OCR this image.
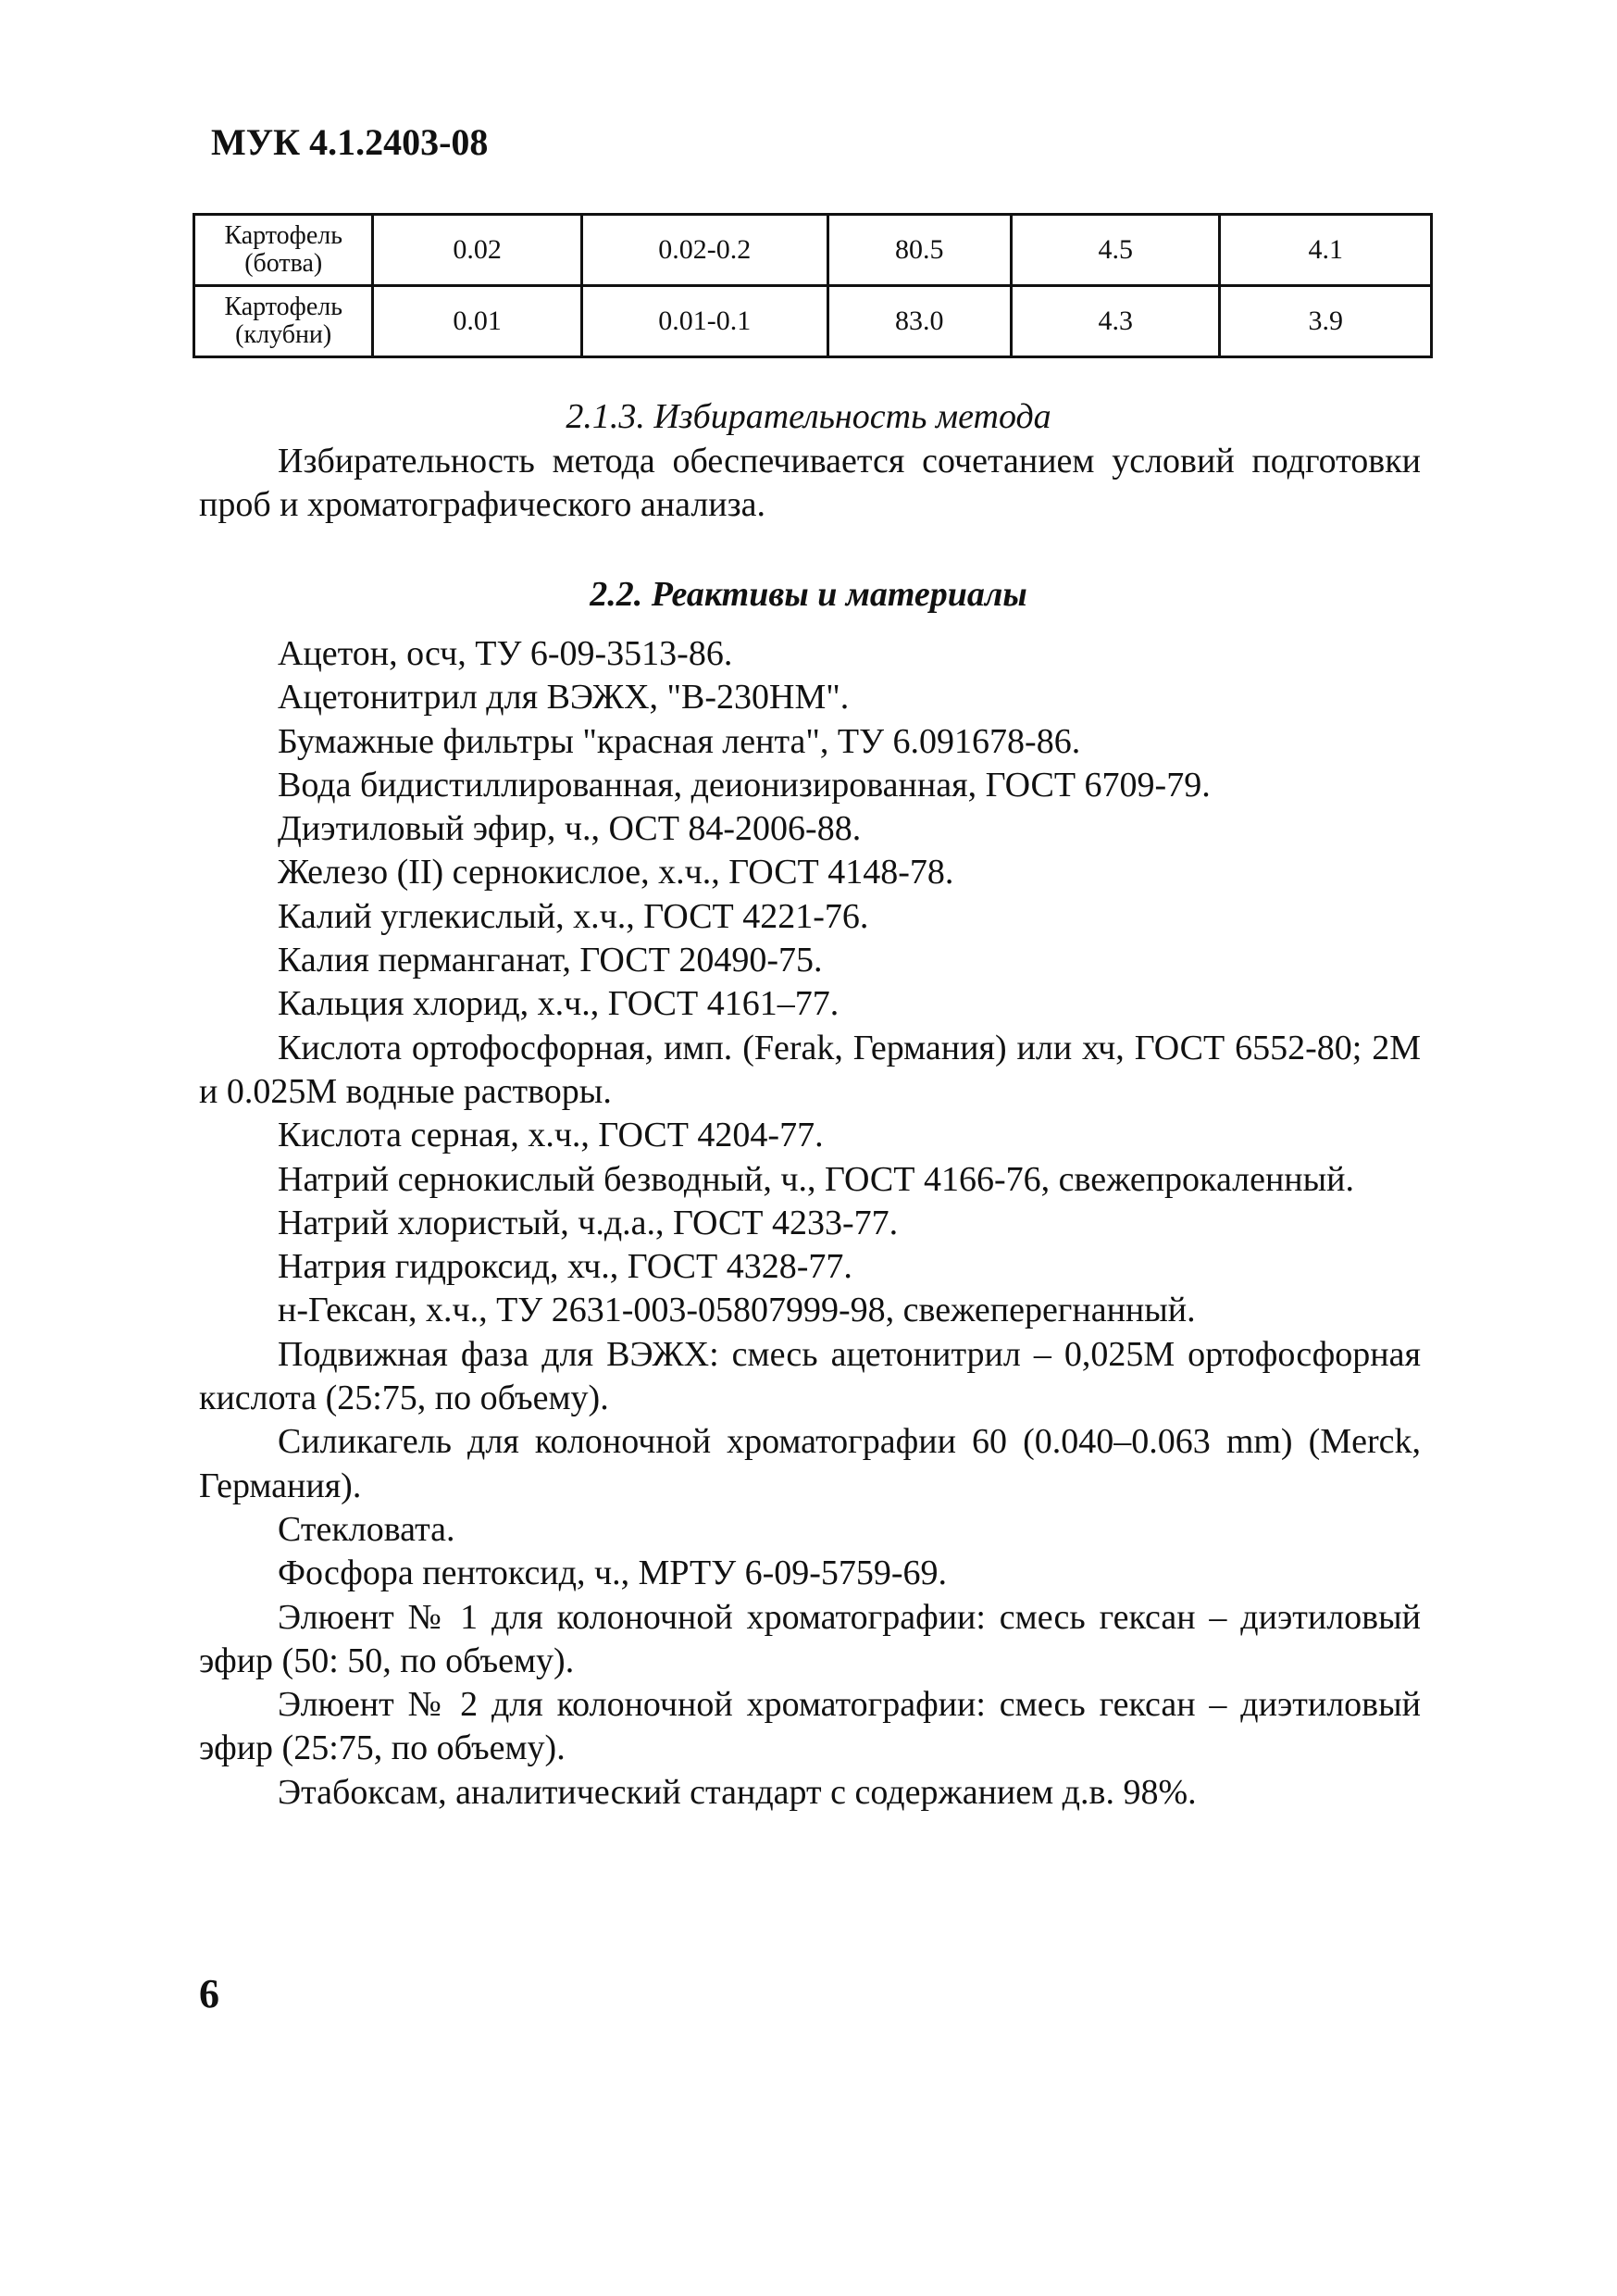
МУК 4.1.2403-08
Картофель
(ботва)	0.02	0.02-0.2	80.5	4.5	4.1
Картофель
(клубни)	0.01	0.01-0.1	83.0	4.3	3.9
2.1.3. Избирательность метода
Избирательность метода обеспечивается сочетанием условий подготовки проб и хроматографического анализа.
2.2. Реактивы и материалы

Ацетон, осч, ТУ 6-09-3513-86.

Ацетонитрил для ВЭЖХ, "В-230НМ".

Бумажные фильтры "красная лента", ТУ 6.091678-86.

Вода бидистиллированная, деионизированная, ГОСТ 6709-79.

Диэтиловый эфир, ч., ОСТ 84-2006-88.

Железо (II) сернокислое, х.ч., ГОСТ 4148-78.

Калий углекислый, х.ч., ГОСТ 4221-76.

Калия перманганат, ГОСТ 20490-75.

Кальция хлорид, х.ч., ГОСТ 4161–77.

Кислота ортофосфорная, имп. (Ferak, Германия) или хч, ГОСТ 6552-80; 2М и 0.025М водные растворы.

Кислота серная, х.ч., ГОСТ 4204-77.

Натрий сернокислый безводный, ч., ГОСТ 4166-76, свежепрокаленный.

Натрий хлористый, ч.д.а., ГОСТ 4233-77.

Натрия гидроксид, хч., ГОСТ 4328-77.

н-Гексан, х.ч., ТУ 2631-003-05807999-98, свежеперегнанный.

Подвижная фаза для ВЭЖХ: смесь ацетонитрил – 0,025М ортофосфорная кислота (25:75, по объему).

Силикагель для колоночной хроматографии 60 (0.040–0.063 mm) (Merck, Германия).

Стекловата.

Фосфора пентоксид, ч., МРТУ 6-09-5759-69.

Элюент № 1 для колоночной хроматографии: смесь гексан – диэтиловый эфир (50: 50, по объему).

Элюент № 2 для колоночной хроматографии: смесь гексан – диэтиловый эфир (25:75, по объему).

Этабоксам, аналитический стандарт с содержанием д.в. 98%.

6
